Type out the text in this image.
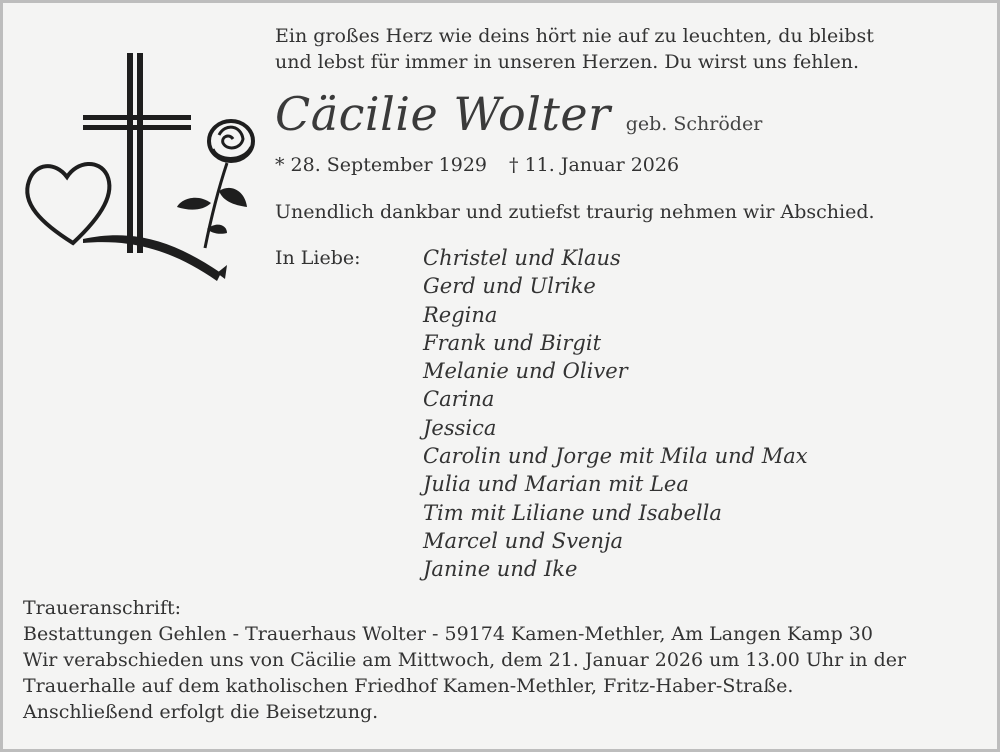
Ein großes Herz wie deins hört nie auf zu leuchten, du bleibst
und lebst für immer in unseren Herzen. Du wirst uns fehlen.
Cäcilie Wolter geb. Schröder
* 28. September 1929 † 11. Januar 2026
Unendlich dankbar und zutiefst traurig nehmen wir Abschied.
In Liebe:	Christel und Klaus
Gerd und Ulrike
Regina
Frank und Birgit
Melanie und Oliver
Carina
Jessica
Carolin und Jorge mit Mila und Max
Julia und Marian mit Lea
Tim mit Liliane und Isabella
Marcel und Svenja
Janine und Ike

Traueranschrift:

Bestattungen Gehlen - Trauerhaus Wolter - 59174 Kamen-Methler, Am Langen Kamp 30

Wir verabschieden uns von Cäcilie am Mittwoch, dem 21. Januar 2026 um 13.00 Uhr in der

Trauerhalle auf dem katholischen Friedhof Kamen-Methler, Fritz-Haber-Straße.

Anschließend erfolgt die Beisetzung.
